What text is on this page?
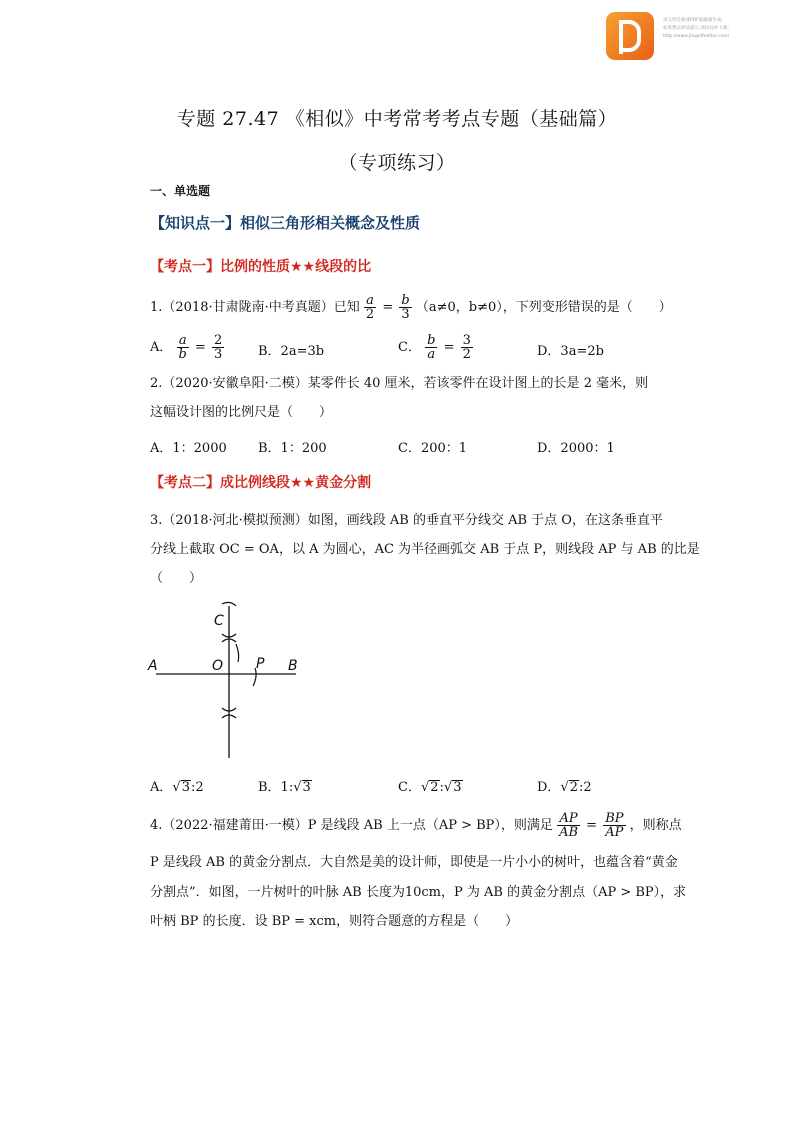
该文档是极速PDF编辑器生成,
如果想去掉该提示,请访问并下载:
http://www.jisupdfeditor.com/
专题 27.47 《相似》中考常考考点专题（基础篇）
（专项练习）
一、单选题
【知识点一】相似三角形相关概念及性质
【考点一】比例的性质★★线段的比
1.（2018·甘肃陇南·中考真题）已知 $\frac{a}{2} = \frac{b}{3} (a\ne 0$，b≠0），下列变形错误的是（　　）
A． $\frac{a}{b} = \frac{2}{3}$	B．2a=3b	C． $\frac{b}{a} = \frac{3}{2}$	D．3a=2b
2.（2020·安徽阜阳·二模）某零件长 40 厘米，若该零件在设计图上的长是 2 毫米，则
这幅设计图的比例尺是（　　）
A．1：2000 B．1：200	C．200：1	D．2000：1
【考点二】成比例线段★★黄金分割
3.（2018·河北·模拟预测）如图，画线段 AB 的垂直平分线交 AB 于点 O，在这条垂直平
分线上截取 OC = OA，以 A 为圆心，AC 为半径画弧交 AB 于点 P，则线段 AP 与 AB 的比是
（　　）
A	O P B
C
A．√3:2	B．1:√3	C．√2:√3	D．√2:2
4.（2022·福建莆田·一模）P 是线段 AB 上一点（AP > BP），则满足 $\frac{AP}{AB} = \frac{BP}{AP}$ ，则称点
P 是线段 AB 的黄金分割点．大自然是美的设计师，即使是一片小小的树叶，也蕴含着“黄金
分割点”．如图，一片树叶的叶脉 AB 长度为10cm，P 为 AB 的黄金分割点（AP > BP），求
叶柄 BP 的长度．设 BP = xcm，则符合题意的方程是（　　）
